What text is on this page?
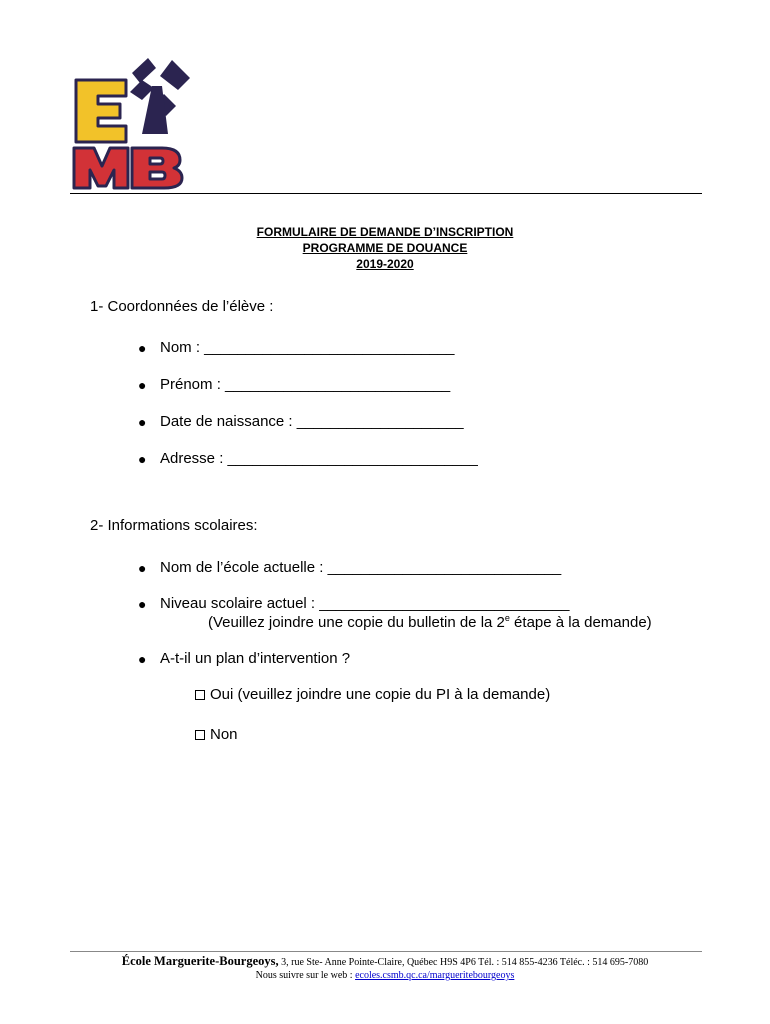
FORMULAIRE DE DEMANDE D’INSCRIPTION
PROGRAMME DE DOUANCE
2019-2020
1- Coordonnées de l’élève :
● Nom : ______________________________
● Prénom : ___________________________
● Date de naissance : ____________________
● Adresse : ______________________________
2- Informations scolaires:
● Nom de l’école actuelle : ____________________________
● Niveau scolaire actuel : ______________________________
(Veuillez joindre une copie du bulletin de la 2e étape à la demande)
● A-t-il un plan d’intervention ?
Oui (veuillez joindre une copie du PI à la demande)
Non
École Marguerite-Bourgeoys, 3, rue Ste- Anne Pointe-Claire, Québec H9S 4P6 Tél. : 514 855-4236 Téléc. : 514 695-7080
Nous suivre sur le web : ecoles.csmb.qc.ca/margueritebourgeoys
